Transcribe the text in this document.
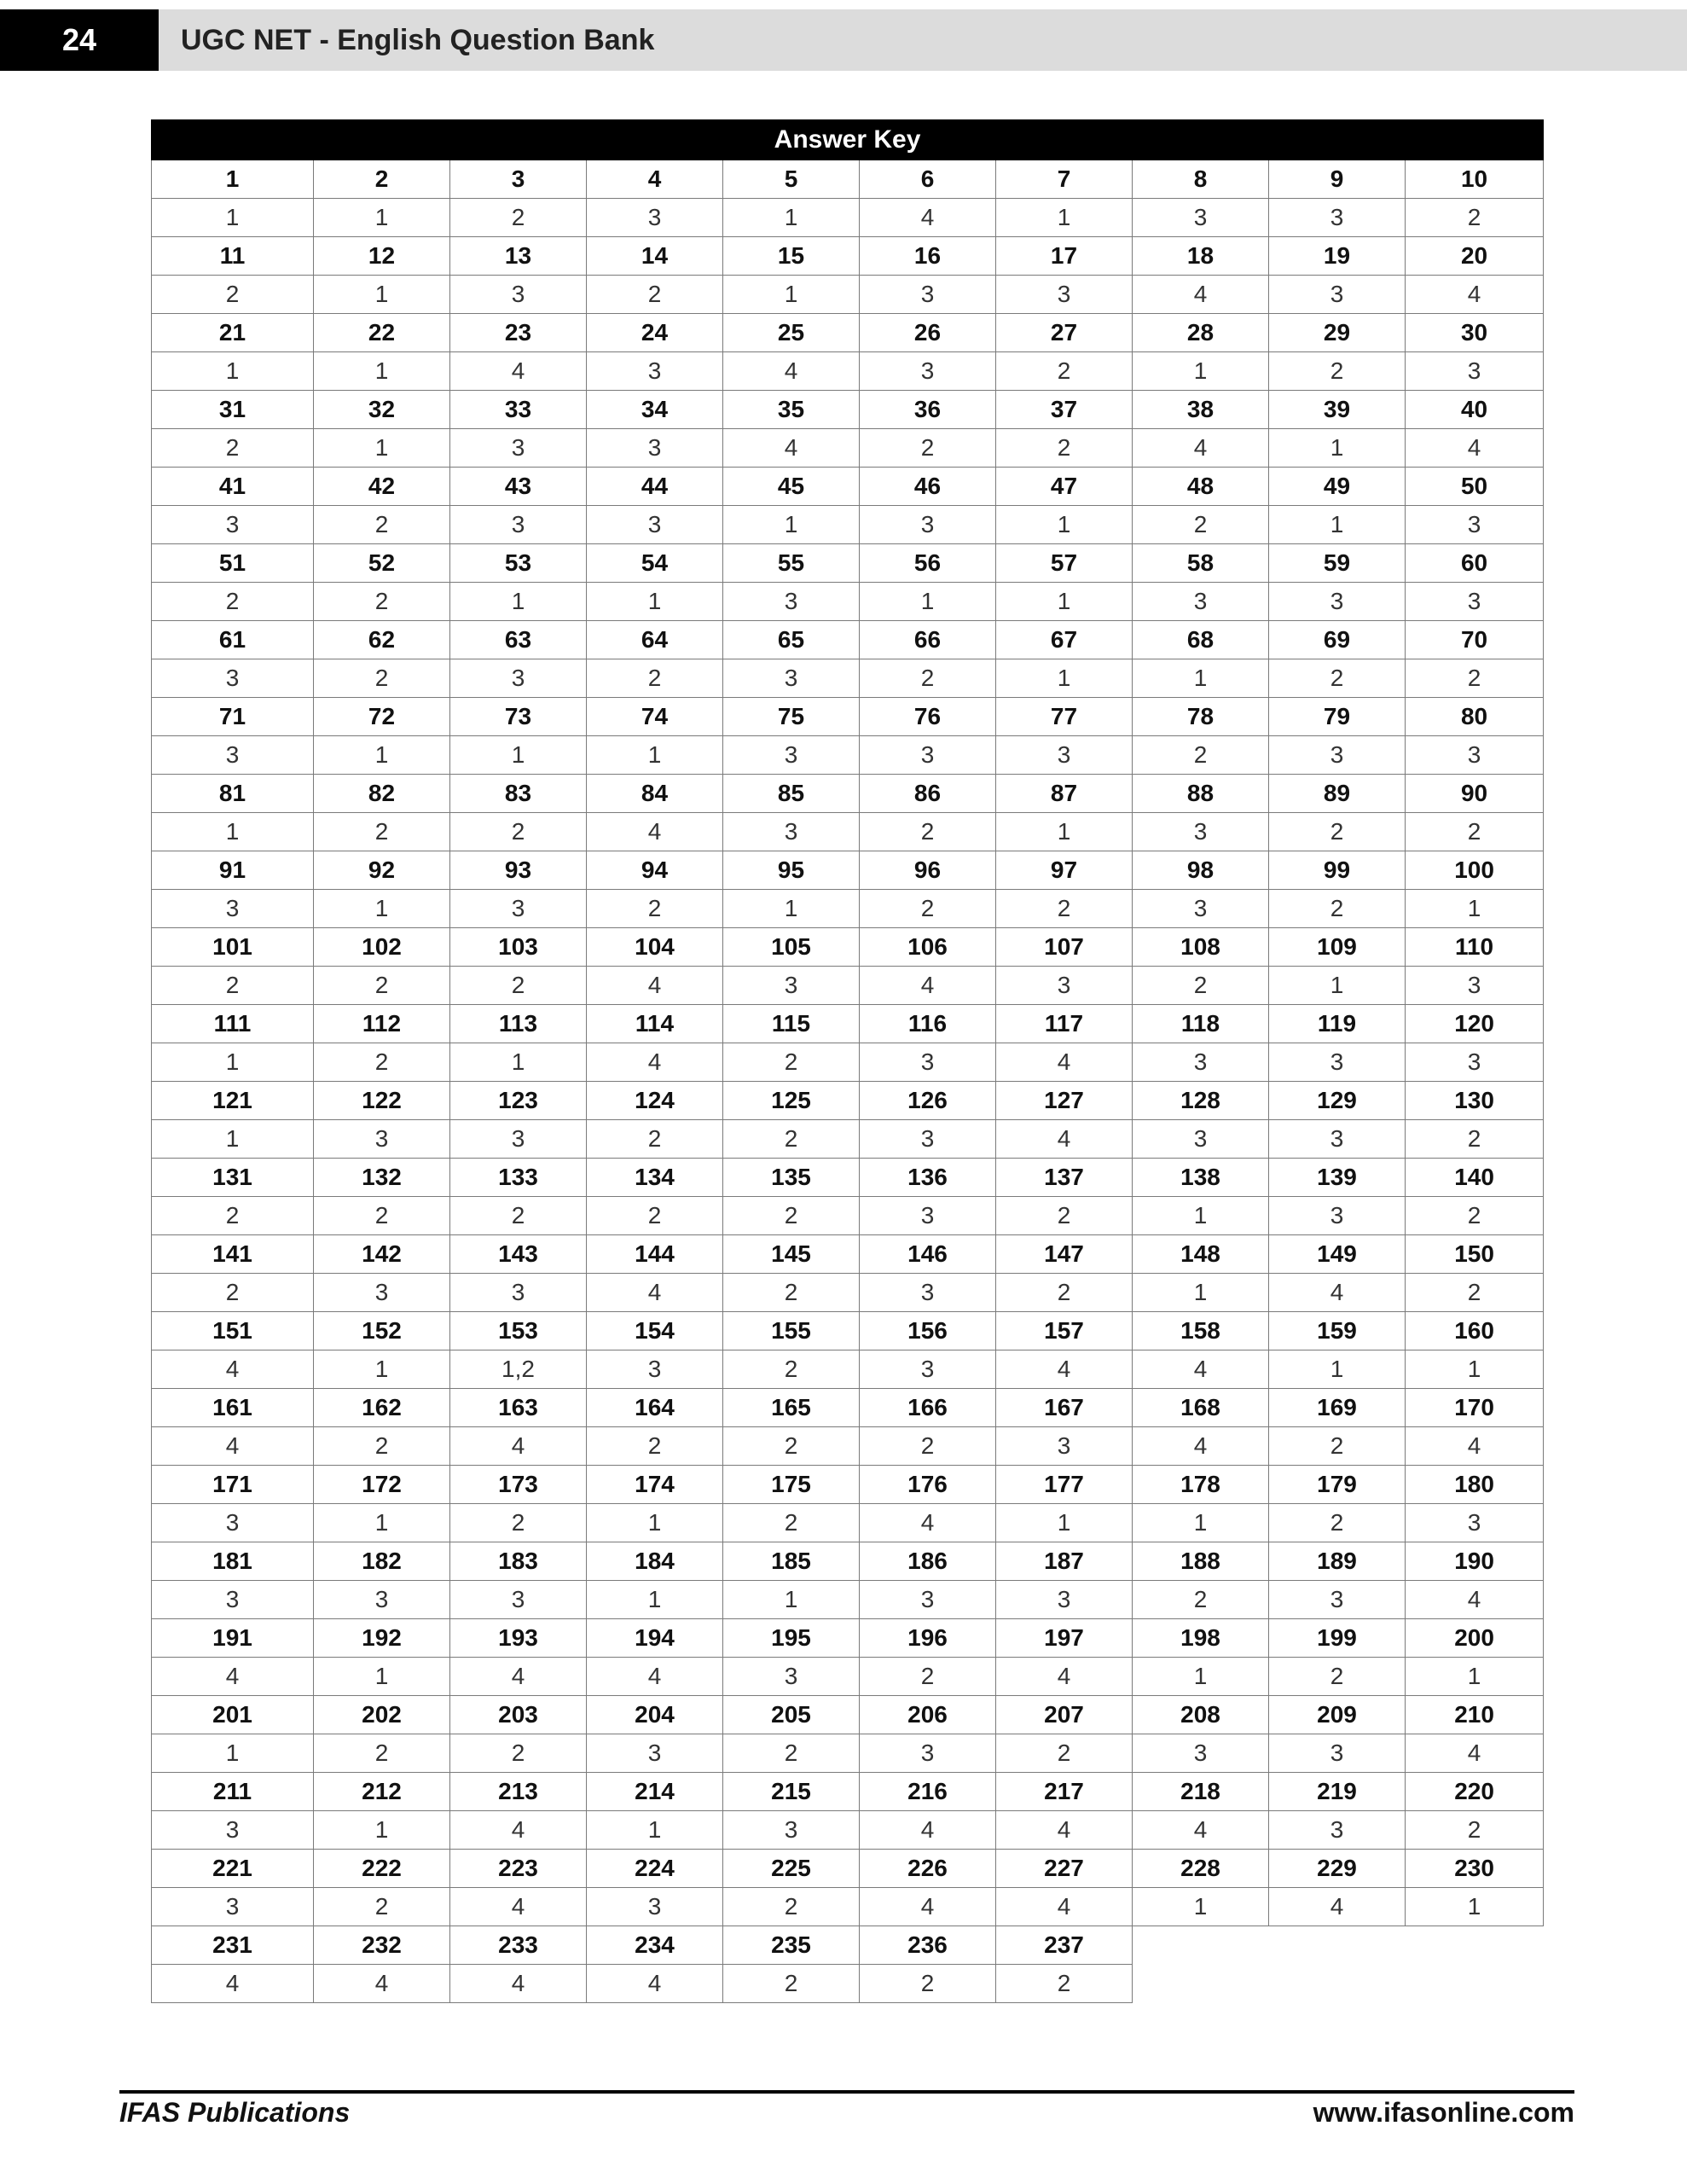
24	UGC NET - English Question Bank
Answer Key									
1	2	3	4	5	6	7	8	9	10
1	1	2	3	1	4	1	3	3	2
11	12	13	14	15	16	17	18	19	20
2	1	3	2	1	3	3	4	3	4
21	22	23	24	25	26	27	28	29	30
1	1	4	3	4	3	2	1	2	3
31	32	33	34	35	36	37	38	39	40
2	1	3	3	4	2	2	4	1	4
41	42	43	44	45	46	47	48	49	50
3	2	3	3	1	3	1	2	1	3
51	52	53	54	55	56	57	58	59	60
2	2	1	1	3	1	1	3	3	3
61	62	63	64	65	66	67	68	69	70
3	2	3	2	3	2	1	1	2	2
71	72	73	74	75	76	77	78	79	80
3	1	1	1	3	3	3	2	3	3
81	82	83	84	85	86	87	88	89	90
1	2	2	4	3	2	1	3	2	2
91	92	93	94	95	96	97	98	99	100
3	1	3	2	1	2	2	3	2	1
101	102	103	104	105	106	107	108	109	110
2	2	2	4	3	4	3	2	1	3
111	112	113	114	115	116	117	118	119	120
1	2	1	4	2	3	4	3	3	3
121	122	123	124	125	126	127	128	129	130
1	3	3	2	2	3	4	3	3	2
131	132	133	134	135	136	137	138	139	140
2	2	2	2	2	3	2	1	3	2
141	142	143	144	145	146	147	148	149	150
2	3	3	4	2	3	2	1	4	2
151	152	153	154	155	156	157	158	159	160
4	1	1,2	3	2	3	4	4	1	1
161	162	163	164	165	166	167	168	169	170
4	2	4	2	2	2	3	4	2	4
171	172	173	174	175	176	177	178	179	180
3	1	2	1	2	4	1	1	2	3
181	182	183	184	185	186	187	188	189	190
3	3	3	1	1	3	3	2	3	4
191	192	193	194	195	196	197	198	199	200
4	1	4	4	3	2	4	1	2	1
201	202	203	204	205	206	207	208	209	210
1	2	2	3	2	3	2	3	3	4
211	212	213	214	215	216	217	218	219	220
3	1	4	1	3	4	4	4	3	2
221	222	223	224	225	226	227	228	229	230
3	2	4	3	2	4	4	1	4	1
231	232	233	234	235	236	237			
4	4	4	4	2	2	2			
IFAS Publications	www.ifasonline.com
